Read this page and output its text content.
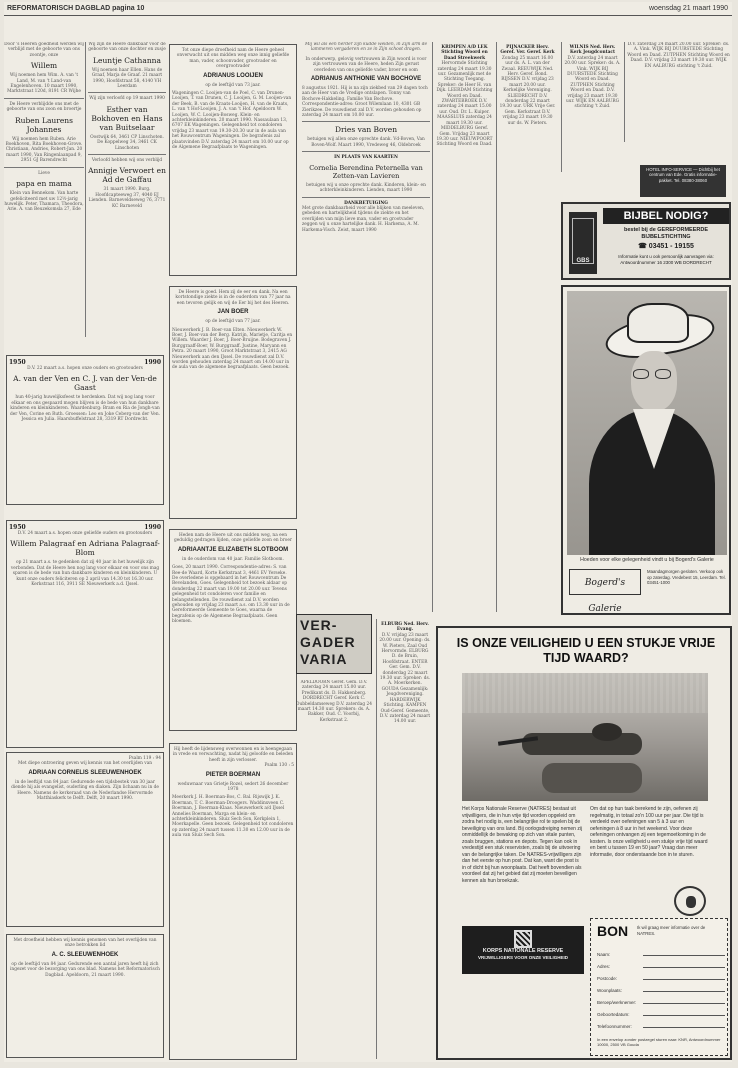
REFORMATORISCH DAGBLAD pagina 10	woensdag 21 maart 1990
Door 's Heeren goedheid werden wij verblijd met de geboorte van ons zoontje, onze
Willem
Wij noemen hem Wim. A. van 't Land, M. van 't Land-van Engelenhoven. 10 maart 1990, Marktstraat 120d, 8191 CR Wijhe
De Heere verblijdde ons met de geboorte van ons zoon en broertje
Ruben Laurens Johannes
Wij noemen hem Ruben. Arie Boekhoven, Rita Boekhoven-Grove. Christiaan, Andries, Robert-Jan. 20 maart 1990, Van Ringenlaanpad 9, 2951 GJ Barendrecht
Lieve
papa en mama
Klein van Bennekom. Van harte gefeliciteerd met uw 12½-jarig huwelijk. Peter, Thamara, Theodora, Arie. A. van Beuzekomsla 27, Ede
Wij zijn de Heere dankbaar voor de geboorte van onze dochter en zusje
Leuntje Cathanna
Wij noemen haar Ellen. Hans de Graaf, Marja de Graaf. 21 maart 1990, Hoofdstraat 58, 4140 VH Leerdam
Wij zijn verloofd op 19 maart 1990
Esther van Bokhoven en Hans van Buitselaar
Oostwijk 64, 3461 CP Linschoten. De Koppelweg 34, 3461 CK Linschoten
Verloofd hebben wij ons verblijd
Annigje Verwoert en Ad de Gaffau
31 maart 1990. Burg. Hoofdcapteeweg 37, 4040 EJ Lienden. Barneveldseweg 76, 3771 KC Barneveld
1950	1990
D.V. 22 maart a.s. hopen onze ouders en grootouders
A. van der Ven en C. J. van der Ven-de Gaast
hun 40-jarig huwelijksfeest te herdenken. Dat wij nog lang voor elkaar en ons gespaard mogen blijven is de bede van hun dankbare kinderen en kleinkinderen. Waardenburg: Bram en Ria de Jongh-van der Ven, Corine en Ruth. Groessen: Leo en Joke Ceberg-van der Ven. Jessica en Julia. Haarsbuffelstraat 28, 3319 RT Dordrecht.
1950	1990
D.V. 24 maart a.s. hopen onze geliefde ouders en grootouders
Willem Palagraaf en Adriana Palagraaf-Blom
op 21 maart a.s. te gedenken dat zij 40 jaar in het huwelijk zijn verbonden. Dat de Heere hen nog lang voor elkaar en voor ons mag sparen is de bede van hun dankbare kinderen en kleinkinderen. U kunt onze ouders feliciteren op 2 april van 14.30 tot 16.30 uur. Kerkstraat 116, 3911 SE Nieuwerkerk a.d. IJssel.
Psalm 119 : 94
Met diepe ontroering geven wij kennis van het overlijden van
ADRIAAN CORNELIS SLEEUWENHOEK
in de leeftijd van 84 jaar. Gedurende een tijdsbestek van 30 jaar diende hij als evangelist, ouderling en diaken. Zijn lichaam nu in de Heere. Namens de kerkeraad van de Nederlandse Hervormde Matthiaskerk te Delft. Delft, 20 maart 1990.
Met droefheid hebben wij kennis genomen van het overlijden van onze betrokken lid
A. C. SLEEUWENHOEK
op de leeftijd van 84 jaar. Gedurende een aantal jaren heeft hij zich ingezet voor de bezorging van ons blad. Namens het Reformatorisch Dagblad. Apeldoorn, 21 maart 1990.
Tot onze diepe droefheid nam de Heere geheel onverwacht uit ons midden weg onze innig geliefde man, vader, schoonvader, grootvader en overgrootvader
ADRIANUS LOOIJEN
op de leeftijd van 73 jaar.
Wageningen C. Looijen-van de Poel, C. van Drunen-Looijen, T. van Drunen, C. J. Looijen, G. M. Looijen-van der Beek, B. van de Kraats-Looijen, H. van de Kraats, L. van 't Hof-Looijen, J. A. van 't Hof. Apeldoorn W. Looijen, W. C. Looijen-Bosweg. Klein- en achterkleinkinderen. 20 maart 1990. Nassaulaan 13, 6707 EK Wageningen. Gelegenheid tot condoleren vrijdag 23 maart van 19.30-20.30 uur in de aula van het Rouwcentrum Wageningen. De begrafenis zal plaatsvinden D.V. zaterdag 24 maart om 10.00 uur op de Algemene Begraafplaats te Wageningen.
De Heere is goed. Hem zij de eer en dank. Na een kortstondige ziekte is in de ouderdom van 77 jaar na een tevoren gelijk en wij de Eer bij het des Heeren.
JAN BOER
op de leeftijd van 77 jaar.
Nieuwerkerk J. B. Boer-van Elten. Nieuwerkerk W. Boer, J. Boer-van der Berg. Katrijn, Marietje, Caritja en Willem. Waarder J. Boer, J. Boer-Bruijne. Bodegraven J. Burggraaff-Boer, W. Burggraaff. Justine, Maryann en Petra. 20 maart 1990, Groot Marktstraat 3, 2415 AG Nieuwerkerk aan den IJssel. De rouwdienst zal D.V. worden gehouden zaterdag 24 maart om 14.00 uur in de aula van de algemene begraafplaats. Geen bezoek.
Heden nam de Heere uit ons midden weg, na een geduldig gedragen lijden, onze geliefde zoon en broer
ADRIAANTJE ELIZABETH SLOTBOOM
in de ouderdom van 40 jaar. Familie Slotboom.
Goes, 20 maart 1990. Correspondentie-adres: S. van Ree-de Waard, Korte Kerkstraat 3, 4461 EV Yerseke. De overledene is opgebaard in het Rouwcentrum De Bevelanden, Goes. Gelegenheid tot bezoek aldaar op donderdag 22 maart van 19.00 tot 20.00 uur. Tevens gelegenheid tot condoleren voor familie en belangstellenden. De rouwdienst zal D.V. worden gehouden op vrijdag 23 maart a.s. om 13.30 uur in de Gereformeerde Gemeente te Goes, waarna de begrafenis op de Algemene Begraafplaats. Geen bloemen.
Hij heeft de lijdensweg overwonnen en is heengegaan in vrede en verwachting, nadat hij geloofde en beleden heeft in zijn verlosser.
Psalm 130 : 5
PIETER BOERMAN
weduwnaar van Grietje Rozel, sedert 26 december 1978
Meerkerk J. H. Boerman-Bos, C. Bal. Rijswijk J. K. Boerman, T. C. Boerman-Droogers. Waddinxveen C. Boerman, J. Boerman-Klaas. Nieuwerkerk a/d IJssel Annelies Boerman, Marga en klein- en achterkleinkinderen. Sluiz Sech Son, Kerkplein 1, Moerkapelle. Geen bezoek. Gelegenheid tot condoleren op zaterdag 24 maart tussen 11.30 en 12.00 uur in de aula van Sluiz Sech Son.
Mij wil als een herder zijn kudde weiden, in Zijn arm de lammeren vergaderen en ze in Zijn schoot dragen.
In onderwerp, gelovig vertrouwen in Zijn woord is voor zijn vertrouwen van de Heere, heden Zijn gerust overleden van ons geliefde vader, broer en oom
ADRIANUS ANTHONIE VAN BOCHOVE
8 augustus 1921. Hij is na zijn ziekbed van 29 dagen toch aan de Heer van de Vredige ontslapen. Tonny van Bochove-Hakkeling. Familie Van Bochove. Correspondentie-adres: Groot Wilemlaan 10, 4301 GB Zierikzee. De rouwdienst zal D.V. worden gehouden op zaterdag 24 maart om 10.00 uur.
Dries van Boven
betuigen wij allen onze oprechte dank. Vd-Boven, Van Boven-Wolf. Maart 1990, Vredeweg 46, Oldebroek
IN PLAATS VAN KAARTEN
Cornelia Berendina Peternella van Zetten-van Lavieren
betuigen wij u onze oprechte dank. Kinderen, klein- en achterkleinkinderen. Lienden, maart 1990
DANKBETUIGING
Met grote dankbaarheid voor alle blijken van meeleven, gebeden en hartelijkheid tijdens de ziekte en het overlijden van mijn lieve man, vader en grootvader zeggen wij u onze hartelijke dank. H. Harkema, A. M. Harkema-Visch. Zeist, maart 1990
VER-GADER VARIA
APELDOORN Geref. Gem. D.V. zaterdag 24 maart 15.00 uur. Predikant ds. D. Hakkenberg. DORDRECHT Geref. Kerk C. Dubbeldamseweg D.V. zaterdag 24 maart 14.30 uur. Sprekers: ds. A. Bakker, Oud. C. Voorbij, Kerkstraat 2.
KRIMPEN A/D LEK Stichting Woord en Daad Streekwerk
Hervormde Stichting zaterdag 24 maart 19.30 uur. Gezamenlijk met de Stichting Toegang. Spreker: de Heer H. van Dijk. LEERDAM Stichting Woord en Daad. ZWARTEBROEK D.V. zaterdag 24 maart 15.00 uur. Oud. Dr. L. Kuiper. MAASSLUIS zaterdag 24 maart 19.30 uur. MIDDELBURG Geref. Gem. Vrijdag 23 maart 19.30 uur. NIEUWPOORT Stichting Woord en Daad.
PIJNACKER Herv. Geref. Ver. Geref. Kerk
Zondag 25 maart 16.00 uur ds. A. L. van der Zwaal. REEUWIJK Ned. Herv. Geref. Bond. RIJSSEN D.V. vrijdag 23 maart 20.00 uur. Kerkelijke Vereniging. SLIEDRECHT D.V. donderdag 22 maart 19.30 uur. URK Vrije Ger. Gem. Kerkstraat D.V. vrijdag 23 maart 19.30 uur ds. W. Pieters.
ELBURG Ned. Herv. Evang.
D.V. vrijdag 23 maart 20.00 uur. Opening: ds. W. Pieters, Zaal Oud Hervormde. ELBURG D. de Bruin, Hoofdstraat. ENTER Ger. Gem. D.V. donderdag 22 maart 19.30 uur. Spreker: ds. A. Moerkerken. GOUDA Gezamenlijk: Jeugdvereniging. HARDERWIJK Stichting. KAMPEN Oud-Geref. Gemeente, D.V. zaterdag 24 maart 14.00 uur.
WILNIS Ned. Herv. Kerk Jeugdcontact
D.V. zaterdag 24 maart 20.00 uur. Spreker: ds. A. Vink. WIJK BIJ DUURSTEDE Stichting Woord en Daad. ZUTPHEN Stichting Woord en Daad. D.V. vrijdag 23 maart 19.30 uur. WIJK EN AALBURG stichting 't Zuid.
D.V. zaterdag 24 maart 20.00 uur. Spreker: ds. A. Vink. WIJK BIJ DUURSTEDE Stichting Woord en Daad. ZUTPHEN Stichting Woord en Daad. D.V. vrijdag 23 maart 19.30 uur. WIJK EN AALBURG stichting 't Zuid.
HOTEL INFO-SERVICE — Dichtbij het centrum van Ede. Gratis informatie-pakket. Tel. 08380-38060
GBS
BIJBEL NODIG?
bestel bij de GEREFORMEERDE BIJBELSTICHTING
☎ 03451 - 19155
Informatie kunt u ook persoonlijk aanvragen via: Antwoordnummer 16 2300 WB DORDRECHT
Hoeden voor elke gelegenheid vindt u bij Bogerd's Galerie
Bogerd's Galerie
Maandagmorgen gesloten. Verkoop ook op zaterdag. Vredebest 15, Leerdam. Tel. 03451-1000
IS ONZE VEILIGHEID U EEN STUKJE VRIJE TIJD WAARD?
Het Korps Nationale Reserve (NATRES) bestaat uit vrijwilligers, die in hun vrije tijd worden opgeleid om zodra het nodig is, een belangrijke rol te spelen bij de beveiliging van ons land. Bij oorlogsdreiging nemen zij onmiddellijk de bewaking op zich van vitale punten, zoals bruggen, stations en depots. Tegen kan ook in vredestijd een stuk reservisten, zoals bij de uitvoering van de belangrijke taken. De NATRES-vrijwilligers zijn dan het eerste op hun post. Dat kan, want die post is in of dicht bij hun woonplaats. Dat heeft bovendien als voordeel dat zij het gebied dat zij moeten beveiligen kennen als hun broekzak.
Om dat op hun taak berekend te zijn, oefenen zij regelmatig, in totaal zo'n 100 uur per jaar. Die tijd is verdeeld over oefeningen van 5 à 3 uur en oefeningen à 8 uur in het weekend. Voor deze oefeningen ontvangen zij een tegemoetkoming in de kosten. Is onze veiligheid u een stukje vrije tijd waard en bent u tussen 19 en 50 jaar? Vraag dan meer informatie, door onderstaande bon in te sturen.
KORPS NATIONALE RESERVE
VRIJWILLIGERS VOOR ONZE VEILIGHEID
BON Ik wil graag meer informatie over de NATRES.
Naam:
Adres:
Postcode:
Woonplaats:
Beroep/werknemer:
Geboortedatum:
Telefoonnummer:
In een envelop zonder postzegel sturen naar: KNR, Antwoordnummer 10000, 2500 VB Gouda
